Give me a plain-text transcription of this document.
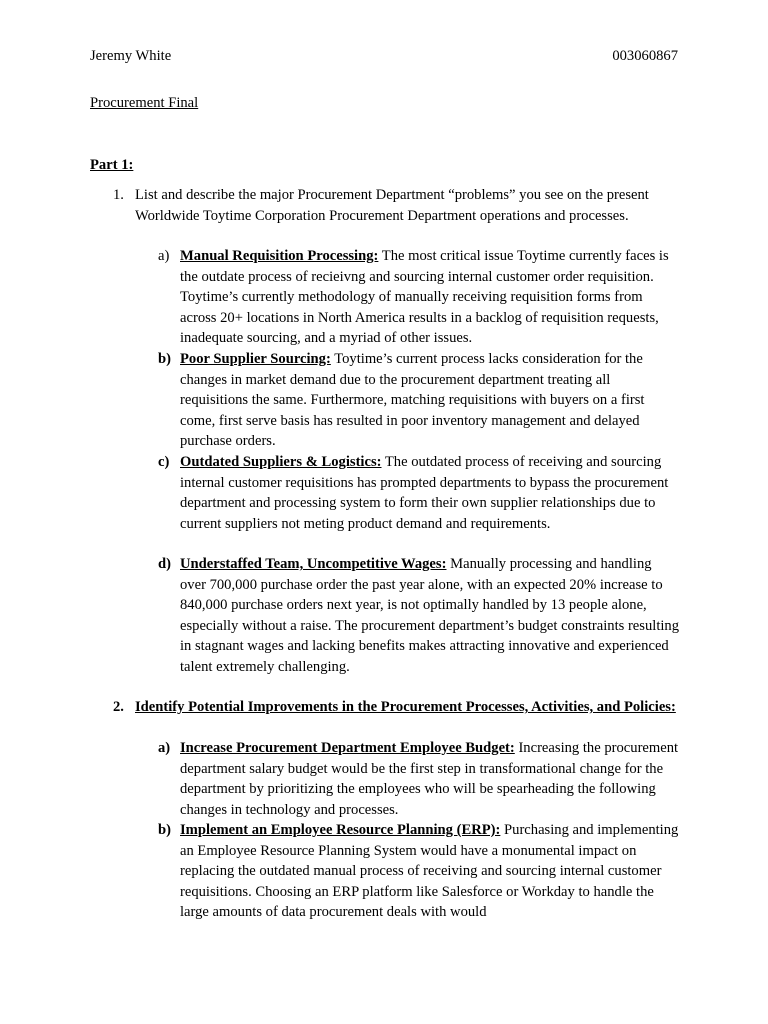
Jeremy White	003060867
Procurement Final
Part 1:
1. List and describe the major Procurement Department “problems” you see on the present Worldwide Toytime Corporation Procurement Department operations and processes.
a) Manual Requisition Processing: The most critical issue Toytime currently faces is the outdate process of recieivng and sourcing internal customer order requisition. Toytime’s currently methodology of manually receiving requisition forms from across 20+ locations in North America results in a backlog of requisition requests, inadequate sourcing, and a myriad of other issues.
b) Poor Supplier Sourcing: Toytime’s current process lacks consideration for the changes in market demand due to the procurement department treating all requisitions the same. Furthermore, matching requisitions with buyers on a first come, first serve basis has resulted in poor inventory management and delayed purchase orders.
c) Outdated Suppliers & Logistics: The outdated process of receiving and sourcing internal customer requisitions has prompted departments to bypass the procurement department and processing system to form their own supplier relationships due to current suppliers not meting product demand and requirements.
d) Understaffed Team, Uncompetitive Wages: Manually processing and handling over 700,000 purchase order the past year alone, with an expected 20% increase to 840,000 purchase orders next year, is not optimally handled by 13 people alone, especially without a raise. The procurement department’s budget constraints resulting in stagnant wages and lacking benefits makes attracting innovative and experienced talent extremely challenging.
2. Identify Potential Improvements in the Procurement Processes, Activities, and Policies:
a) Increase Procurement Department Employee Budget: Increasing the procurement department salary budget would be the first step in transformational change for the department by prioritizing the employees who will be spearheading the following changes in technology and processes.
b) Implement an Employee Resource Planning (ERP): Purchasing and implementing an Employee Resource Planning System would have a monumental impact on replacing the outdated manual process of receiving and sourcing internal customer requisitions. Choosing an ERP platform like Salesforce or Workday to handle the large amounts of data procurement deals with would
